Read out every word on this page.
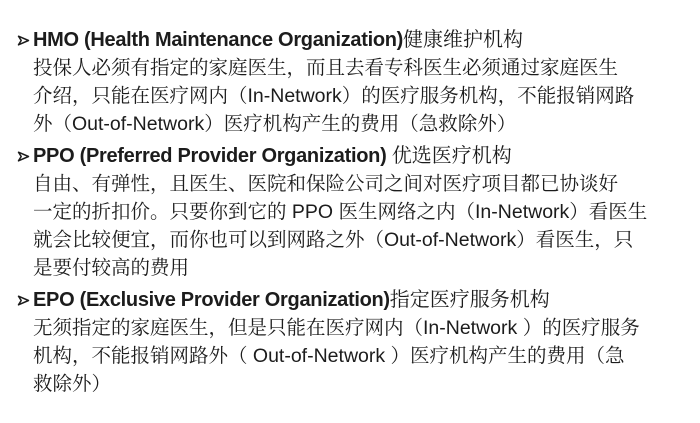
HMO (Health Maintenance Organization)健康维护机构
投保人必须有指定的家庭医生，而且去看专科医生必须通过家庭医生
介绍，只能在医疗网内（In-Network）的医疗服务机构，不能报销网路
外（Out-of-Network）医疗机构产生的费用（急救除外）
PPO (Preferred Provider Organization) 优选医疗机构
自由、有弹性，且医生、医院和保险公司之间对医疗项目都已协谈好
一定的折扣价。只要你到它的 PPO 医生网络之内（In-Network）看医生
就会比较便宜，而你也可以到网路之外（Out-of-Network）看医生，只
是要付较高的费用
EPO (Exclusive Provider Organization)指定医疗服务机构
无须指定的家庭医生，但是只能在医疗网内（In-Network ）的医疗服务
机构，不能报销网路外（ Out-of-Network ）医疗机构产生的费用（急
救除外）
